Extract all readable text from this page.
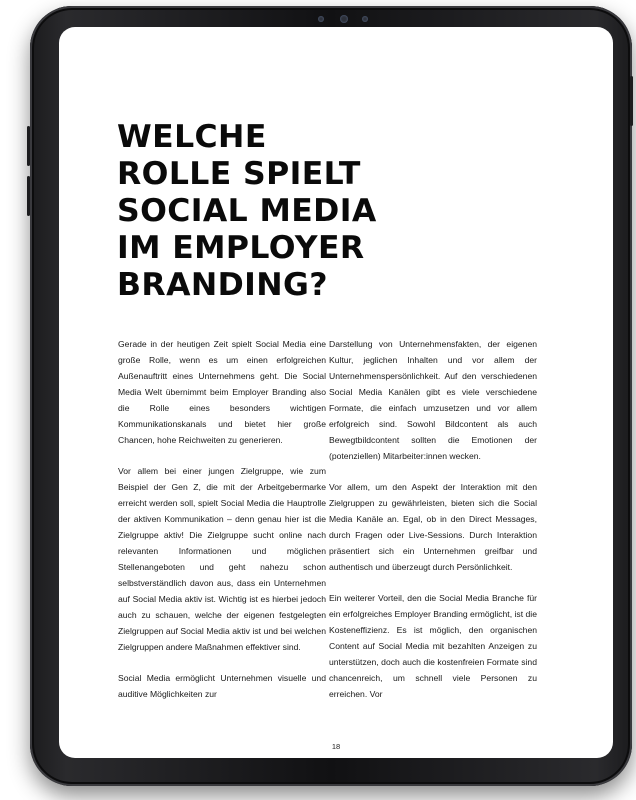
WELCHE
ROLLE SPIELT
SOCIAL MEDIA
IM EMPLOYER
BRANDING?

Gerade in der heutigen Zeit spielt Social Media eine große Rolle, wenn es um einen erfolgreichen Außenauftritt eines Unternehmens geht. Die Social Media Welt übernimmt beim Employer Branding also die Rolle eines besonders wichtigen Kommunikationskanals und bietet hier große Chancen, hohe Reichweiten zu generieren.

Vor allem bei einer jungen Zielgruppe, wie zum Beispiel der Gen Z, die mit der Arbeitgebermarke erreicht werden soll, spielt Social Media die Hauptrolle der aktiven Kommunikation – denn genau hier ist die Zielgruppe aktiv! Die Zielgruppe sucht online nach relevanten Informationen und möglichen Stellenangeboten und geht nahezu schon selbstverständlich davon aus, dass ein Unternehmen auf Social Media aktiv ist. Wichtig ist es hierbei jedoch auch zu schauen, welche der eigenen festgelegten Zielgruppen auf Social Media aktiv ist und bei welchen Zielgruppen andere Maßnahmen effektiver sind.

Social Media ermöglicht Unternehmen visuelle und auditive Möglichkeiten zur

Darstellung von Unternehmensfakten, der eigenen Kultur, jeglichen Inhalten und vor allem der Unternehmenspersönlichkeit. Auf den verschiedenen Social Media Kanälen gibt es viele verschiedene Formate, die einfach umzusetzen und vor allem erfolgreich sind. Sowohl Bildcontent als auch Bewegtbildcontent sollten die Emotionen der (potenziellen) Mitarbeiter:innen wecken.

Vor allem, um den Aspekt der Interaktion mit den Zielgruppen zu gewährleisten, bieten sich die Social Media Kanäle an. Egal, ob in den Direct Messages, durch Fragen oder Live-Sessions. Durch Interaktion präsentiert sich ein Unternehmen greifbar und authentisch und überzeugt durch Persönlichkeit.

Ein weiterer Vorteil, den die Social Media Branche für ein erfolgreiches Employer Branding ermöglicht, ist die Kosteneffizienz. Es ist möglich, den organischen Content auf Social Media mit bezahlten Anzeigen zu unterstützen, doch auch die kostenfreien Formate sind chancenreich, um schnell viele Personen zu erreichen. Vor

18
